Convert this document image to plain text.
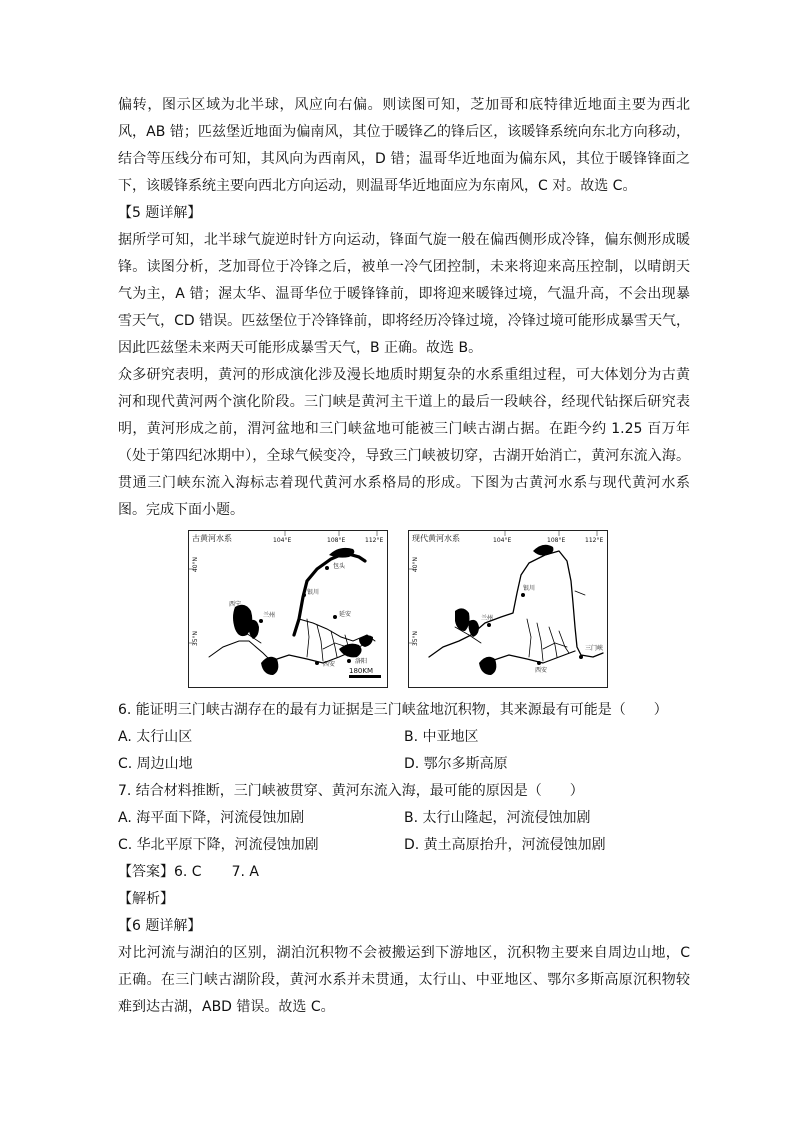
偏转，图示区域为北半球，风应向右偏。则读图可知，芝加哥和底特律近地面主要为西北风，AB 错；匹兹堡近地面为偏南风，其位于暖锋乙的锋后区，该暖锋系统向东北方向移动，结合等压线分布可知，其风向为西南风，D 错；温哥华近地面为偏东风，其位于暖锋锋面之下，该暖锋系统主要向西北方向运动，则温哥华近地面应为东南风，C 对。故选 C。

【5 题详解】

据所学可知，北半球气旋逆时针方向运动，锋面气旋一般在偏西侧形成冷锋，偏东侧形成暖锋。读图分析，芝加哥位于冷锋之后，被单一冷气团控制，未来将迎来高压控制，以晴朗天气为主，A 错；渥太华、温哥华位于暖锋锋前，即将迎来暖锋过境，气温升高，不会出现暴雪天气，CD 错误。匹兹堡位于冷锋锋前，即将经历冷锋过境，冷锋过境可能形成暴雪天气，因此匹兹堡未来两天可能形成暴雪天气，B 正确。故选 B。

众多研究表明，黄河的形成演化涉及漫长地质时期复杂的水系重组过程，可大体划分为古黄河和现代黄河两个演化阶段。三门峡是黄河主干道上的最后一段峡谷，经现代钻探后研究表明，黄河形成之前，渭河盆地和三门峡盆地可能被三门峡古湖占据。在距今约 1.25 百万年（处于第四纪冰期中），全球气候变冷，导致三门峡被切穿，古湖开始消亡，黄河东流入海。贯通三门峡东流入海标志着现代黄河水系格局的形成。下图为古黄河水系与现代黄河水系图。完成下面小题。

古黄河水系	104°E	108°E	112°E
40°N
35°N
包头
银川
西宁
兰州	延安
西安	洛阳
180KM
现代黄河水系	104°E	108°E	112°E
40°N
35°N
银川
兰州
西安
三门峡

6. 能证明三门峡古湖存在的最有力证据是三门峡盆地沉积物，其来源最有可能是（　　）

A. 太行山区	B. 中亚地区
C. 周边山地	D. 鄂尔多斯高原

7. 结合材料推断，三门峡被贯穿、黄河东流入海，最可能的原因是（　　）

A. 海平面下降，河流侵蚀加剧	B. 太行山隆起，河流侵蚀加剧
C. 华北平原下降，河流侵蚀加剧	D. 黄土高原抬升，河流侵蚀加剧

【答案】6. C 7. A

【解析】

【6 题详解】

对比河流与湖泊的区别，湖泊沉积物不会被搬运到下游地区，沉积物主要来自周边山地，C 正确。在三门峡古湖阶段，黄河水系并未贯通，太行山、中亚地区、鄂尔多斯高原沉积物较难到达古湖，ABD 错误。故选 C。
